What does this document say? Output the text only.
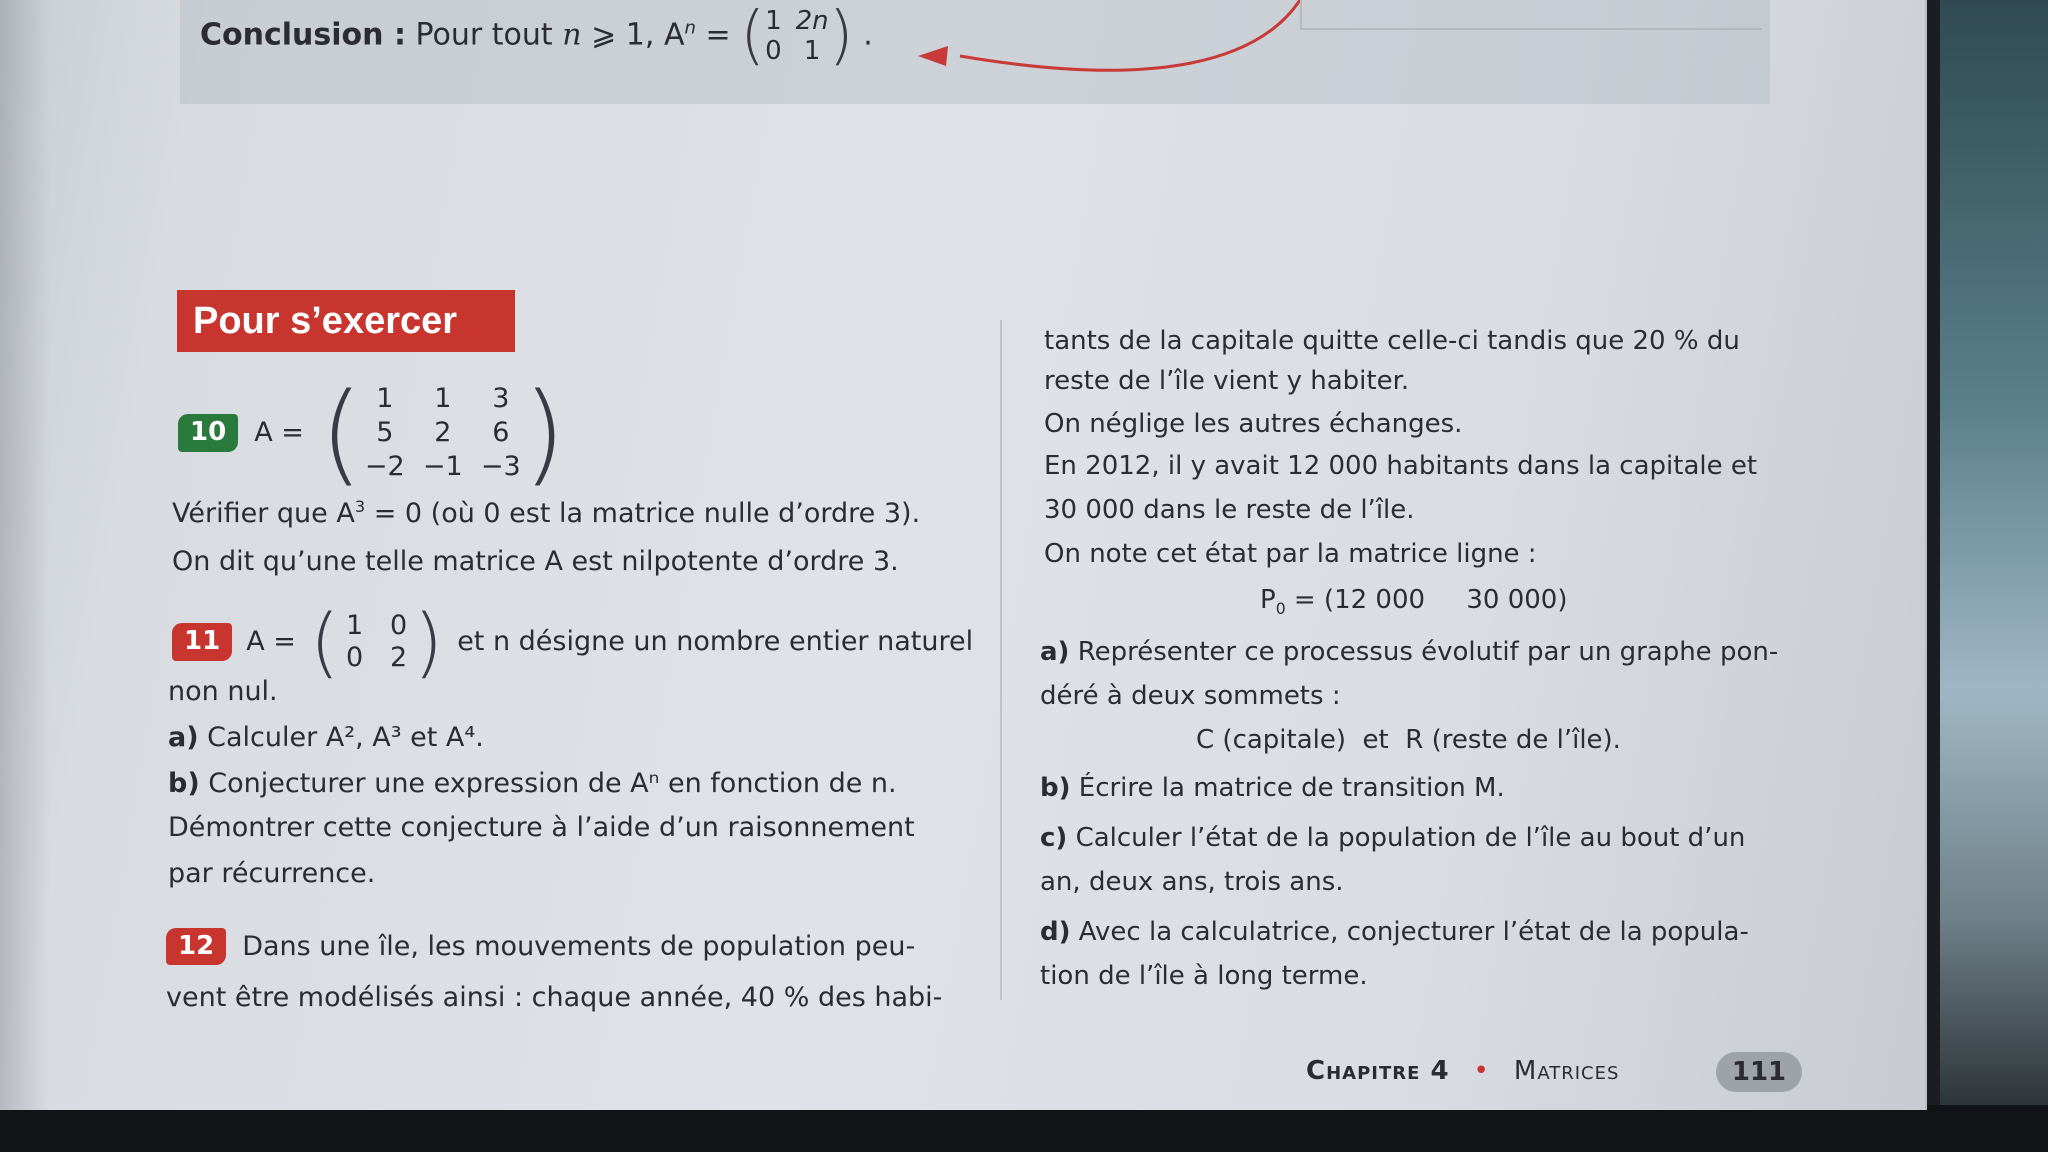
Conclusion : Pour tout n ⩾ 1, $A^n$ = ( 1 2n
0 1 ) .
Pour s’exercer
10	A = ( 1	1	3
5	2	6
−2 −1 −3 )
Vérifier que $A^3 = 0$ (où 0 est la matrice nulle d’ordre 3).
On dit qu’une telle matrice A est nilpotente d’ordre 3.
11 A = ( 1 0
0 2 ) et n désigne un nombre entier naturel
non nul.
a) Calculer A², A³ et A⁴.
b) Conjecturer une expression de Aⁿ en fonction de n.
Démontrer cette conjecture à l’aide d’un raisonnement
par récurrence.
12	Dans une île, les mouvements de population peu-
vent être modélisés ainsi : chaque année, 40 % des habi-
tants de la capitale quitte celle-ci tandis que 20 % du
reste de l’île vient y habiter.
On néglige les autres échanges.
En 2012, il y avait 12 000 habitants dans la capitale et
30 000 dans le reste de l’île.
On note cet état par la matrice ligne :
$P_0 = (12$ 000     30 000)
a) Représenter ce processus évolutif par un graphe pon-
déré à deux sommets :
C (capitale)  et  R (reste de l’île).
b) Écrire la matrice de transition M.
c) Calculer l’état de la population de l’île au bout d’un
an, deux ans, trois ans.
d) Avec la calculatrice, conjecturer l’état de la popula-
tion de l’île à long terme.
Chapitre 4 • Matrices	111
